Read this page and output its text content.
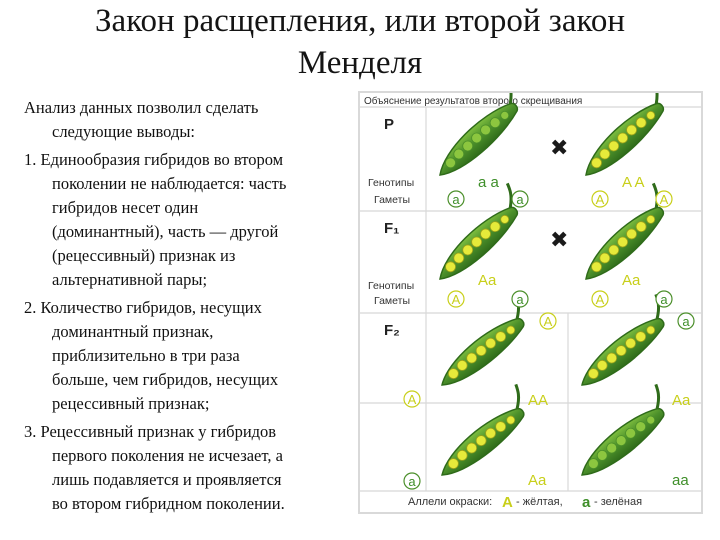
Закон расщепления, или второй закон
Менделя
Анализ данных позволил сделать
следующие выводы:
1. Единообразия гибридов во втором
поколении не наблюдается: часть
гибридов несет один
(доминантный), часть — другой
(рецессивный) признак из
альтернативной пары;
2. Количество гибридов, несущих
доминантный признак,
приблизительно в три раза
больше, чем гибридов, несущих
рецессивный признак;
3. Рецессивный признак у гибридов
первого поколения не исчезает, а
лишь подавляется и проявляется
во втором гибридном поколении.
Объяснение результатов второго скрещивания
P
F₁
F₂
Генотипы
Гаметы
Генотипы
Гаметы
✖
✖
a a	A A
Aa	Aa
a	a	A	A
A	a	A	a
A	a
A
a
AA	Aa
Aa	aa
Аллели окраски: A - жёлтая, a - зелёная
